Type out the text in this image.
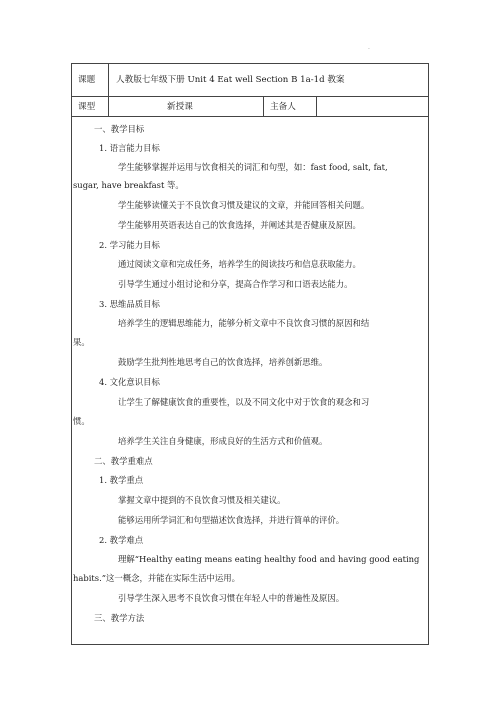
.
课题 人教版七年级下册 Unit 4 Eat well Section B 1a-1d 教案
课型	新授课	主备人
一、教学目标
1. 语言能力目标
学生能够掌握并运用与饮食相关的词汇和句型，如：fast food, salt, fat,
sugar, have breakfast 等。
学生能够读懂关于不良饮食习惯及建议的文章，并能回答相关问题。
学生能够用英语表达自己的饮食选择，并阐述其是否健康及原因。
2. 学习能力目标
通过阅读文章和完成任务，培养学生的阅读技巧和信息获取能力。
引导学生通过小组讨论和分享，提高合作学习和口语表达能力。
3. 思维品质目标
培养学生的逻辑思维能力，能够分析文章中不良饮食习惯的原因和结
果。
鼓励学生批判性地思考自己的饮食选择，培养创新思维。
4. 文化意识目标
让学生了解健康饮食的重要性，以及不同文化中对于饮食的观念和习
惯。
培养学生关注自身健康，形成良好的生活方式和价值观。
二、教学重难点
1. 教学重点
掌握文章中提到的不良饮食习惯及相关建议。
能够运用所学词汇和句型描述饮食选择，并进行简单的评价。
2. 教学难点
理解“Healthy eating means eating healthy food and having good eating
habits.”这一概念，并能在实际生活中运用。
引导学生深入思考不良饮食习惯在年轻人中的普遍性及原因。
三、教学方法
